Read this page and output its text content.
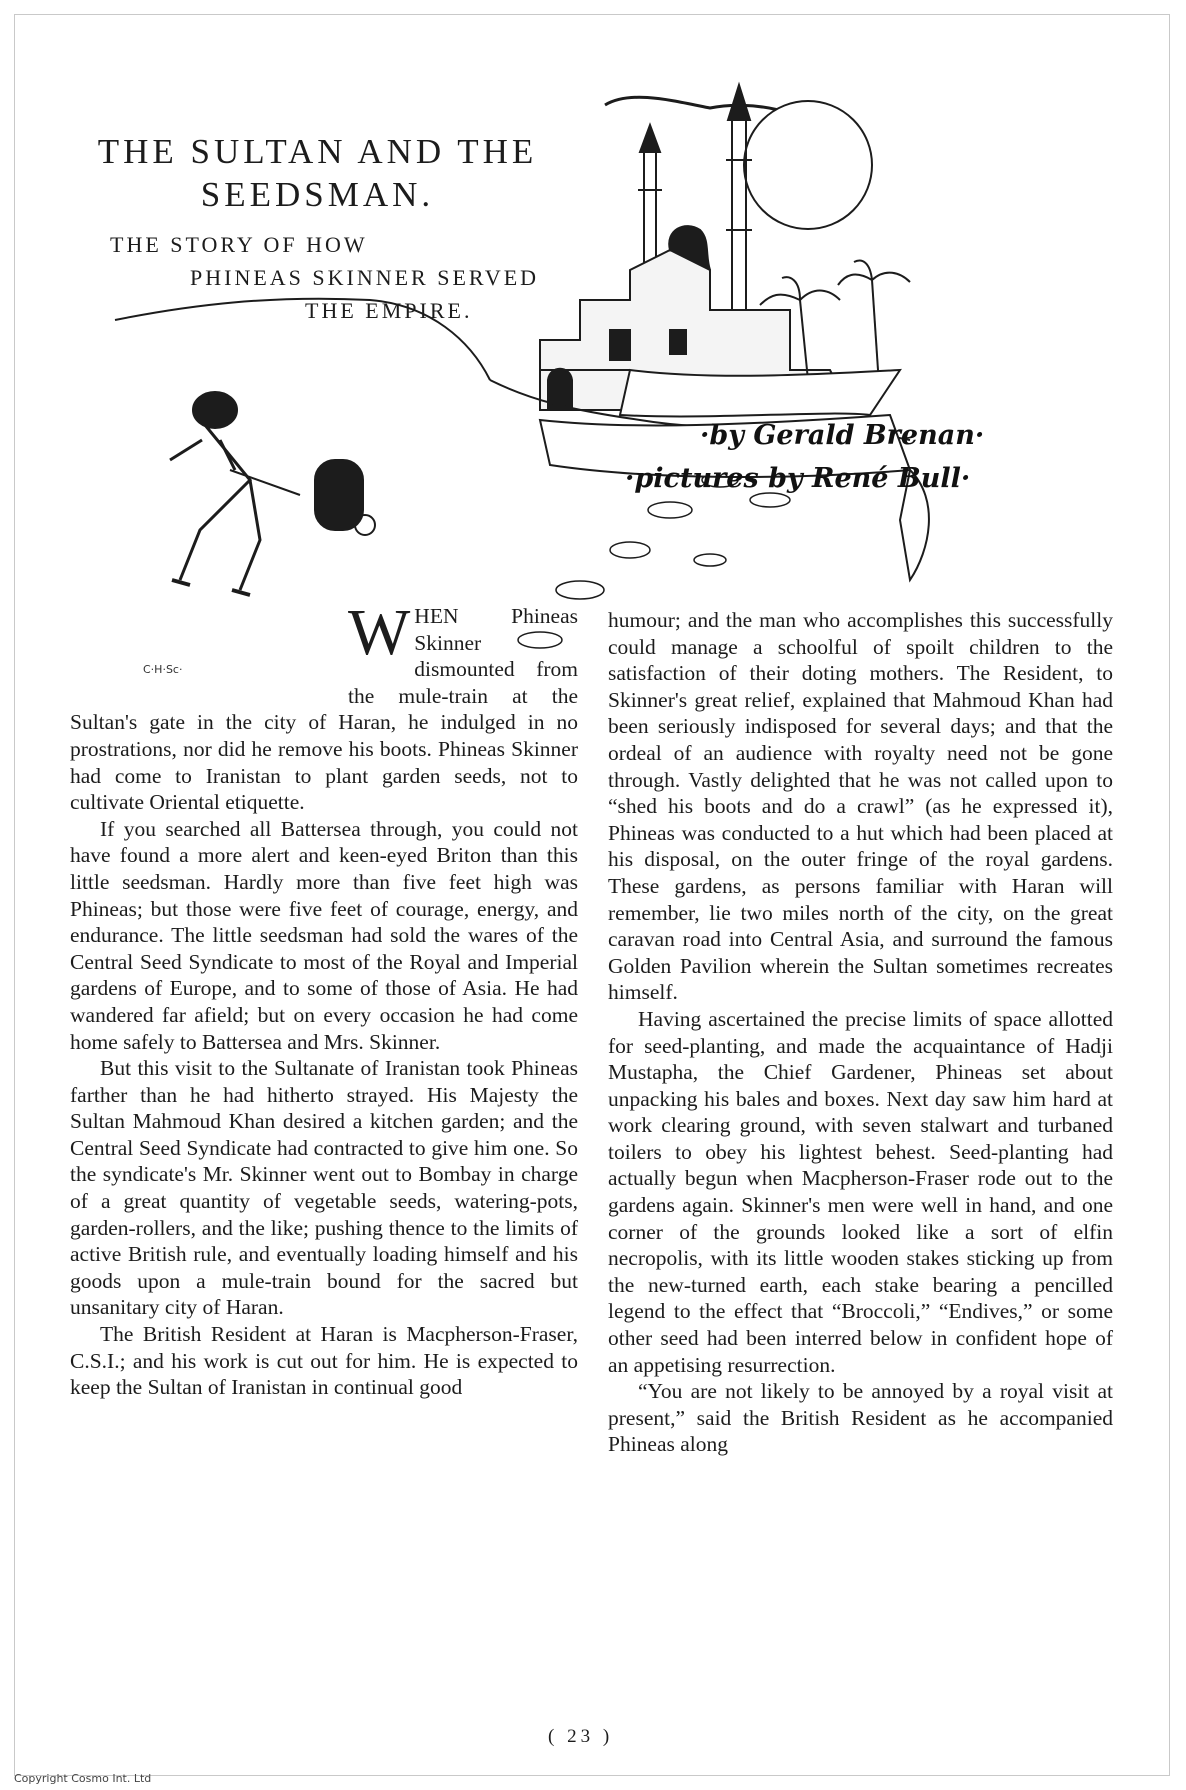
THE SULTAN AND THE SEEDSMAN.
THE STORY OF HOW
PHINEAS SKINNER SERVED
THE EMPIRE.
·by Gerald Brenan·
·pictures by René Bull·
C·H·Sc·

WHEN Phineas Skinner dismounted from the mule-train at the Sultan's gate in the city of Haran, he indulged in no prostrations, nor did he remove his boots. Phineas Skinner had come to Iranistan to plant garden seeds, not to cultivate Oriental etiquette.

If you searched all Battersea through, you could not have found a more alert and keen-eyed Briton than this little seedsman. Hardly more than five feet high was Phineas; but those were five feet of courage, energy, and endurance. The little seedsman had sold the wares of the Central Seed Syndicate to most of the Royal and Imperial gardens of Europe, and to some of those of Asia. He had wandered far afield; but on every occasion he had come home safely to Battersea and Mrs. Skinner.

But this visit to the Sultanate of Iranistan took Phineas farther than he had hitherto strayed. His Majesty the Sultan Mahmoud Khan desired a kitchen garden; and the Central Seed Syndicate had contracted to give him one. So the syndicate's Mr. Skinner went out to Bombay in charge of a great quantity of vegetable seeds, watering-pots, garden-rollers, and the like; pushing thence to the limits of active British rule, and eventually loading himself and his goods upon a mule-train bound for the sacred but unsanitary city of Haran.

The British Resident at Haran is Macpherson-Fraser, C.S.I.; and his work is cut out for him. He is expected to keep the Sultan of Iranistan in continual good

humour; and the man who accomplishes this successfully could manage a schoolful of spoilt children to the satisfaction of their doting mothers. The Resident, to Skinner's great relief, explained that Mahmoud Khan had been seriously indisposed for several days; and that the ordeal of an audience with royalty need not be gone through. Vastly delighted that he was not called upon to “shed his boots and do a crawl” (as he expressed it), Phineas was conducted to a hut which had been placed at his disposal, on the outer fringe of the royal gardens. These gardens, as persons familiar with Haran will remember, lie two miles north of the city, on the great caravan road into Central Asia, and surround the famous Golden Pavilion wherein the Sultan sometimes recreates himself.

Having ascertained the precise limits of space allotted for seed-planting, and made the acquaintance of Hadji Mustapha, the Chief Gardener, Phineas set about unpacking his bales and boxes. Next day saw him hard at work clearing ground, with seven stalwart and turbaned toilers to obey his lightest behest. Seed-planting had actually begun when Macpherson-Fraser rode out to the gardens again. Skinner's men were well in hand, and one corner of the grounds looked like a sort of elfin necropolis, with its little wooden stakes sticking up from the new-turned earth, each stake bearing a pencilled legend to the effect that “Broccoli,” “Endives,” or some other seed had been interred below in confident hope of an appetising resurrection.

“You are not likely to be annoyed by a royal visit at present,” said the British Resident as he accompanied Phineas along

( 23 )
Copyright Cosmo Int. Ltd
